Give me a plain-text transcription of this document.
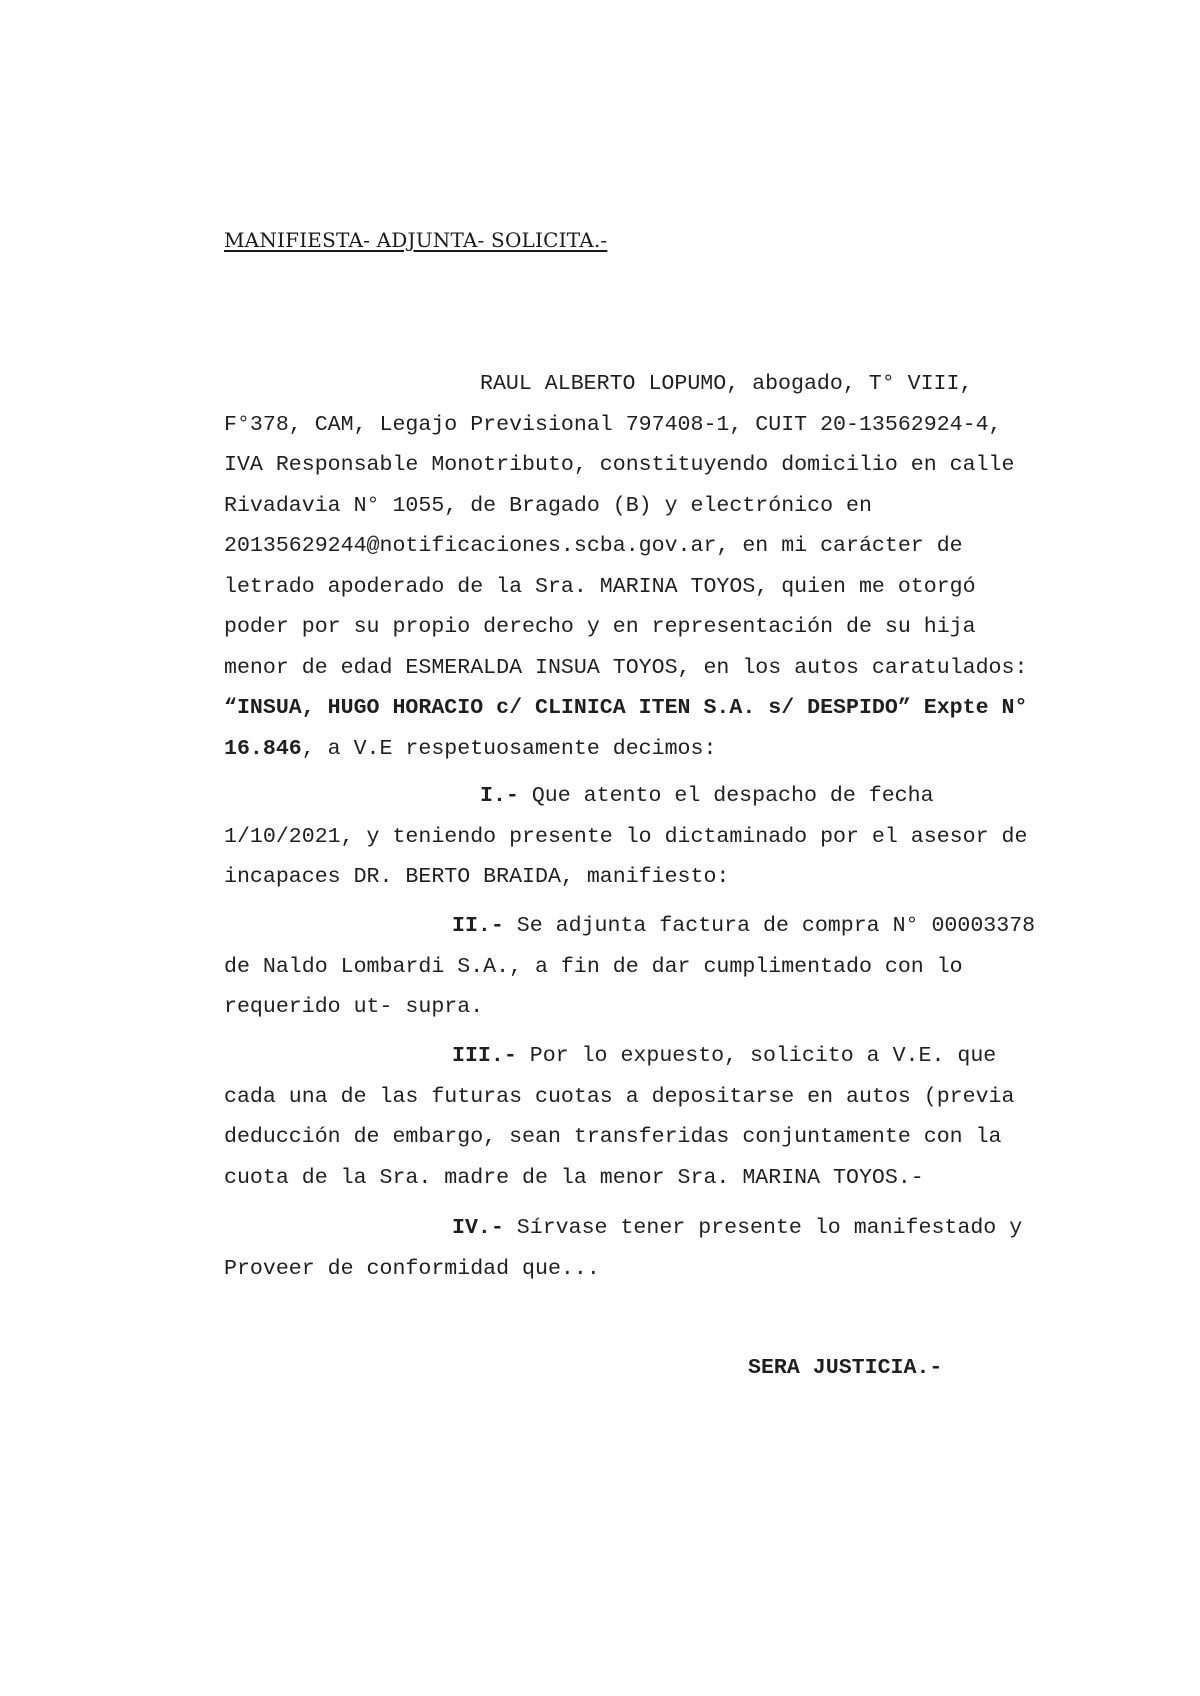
MANIFIESTA- ADJUNTA- SOLICITA.-
RAUL ALBERTO LOPUMO, abogado, T° VIII,
F°378, CAM, Legajo Previsional 797408-1, CUIT 20-13562924-4,
IVA Responsable Monotributo, constituyendo domicilio en calle
Rivadavia N° 1055, de Bragado (B) y electrónico en
20135629244@notificaciones.scba.gov.ar, en mi carácter de
letrado apoderado de la Sra. MARINA TOYOS, quien me otorgó
poder por su propio derecho y en representación de su hija
menor de edad ESMERALDA INSUA TOYOS, en los autos caratulados:
“INSUA, HUGO HORACIO c/ CLINICA ITEN S.A. s/ DESPIDO” Expte N°
16.846, a V.E respetuosamente decimos:
I.- Que atento el despacho de fecha
1/10/2021, y teniendo presente lo dictaminado por el asesor de
incapaces DR. BERTO BRAIDA, manifiesto:
II.- Se adjunta factura de compra N° 00003378
de Naldo Lombardi S.A., a fin de dar cumplimentado con lo
requerido ut- supra.
III.- Por lo expuesto, solicito a V.E. que
cada una de las futuras cuotas a depositarse en autos (previa
deducción de embargo, sean transferidas conjuntamente con la
cuota de la Sra. madre de la menor Sra. MARINA TOYOS.-
IV.- Sírvase tener presente lo manifestado y
Proveer de conformidad que...
SERA JUSTICIA.-
